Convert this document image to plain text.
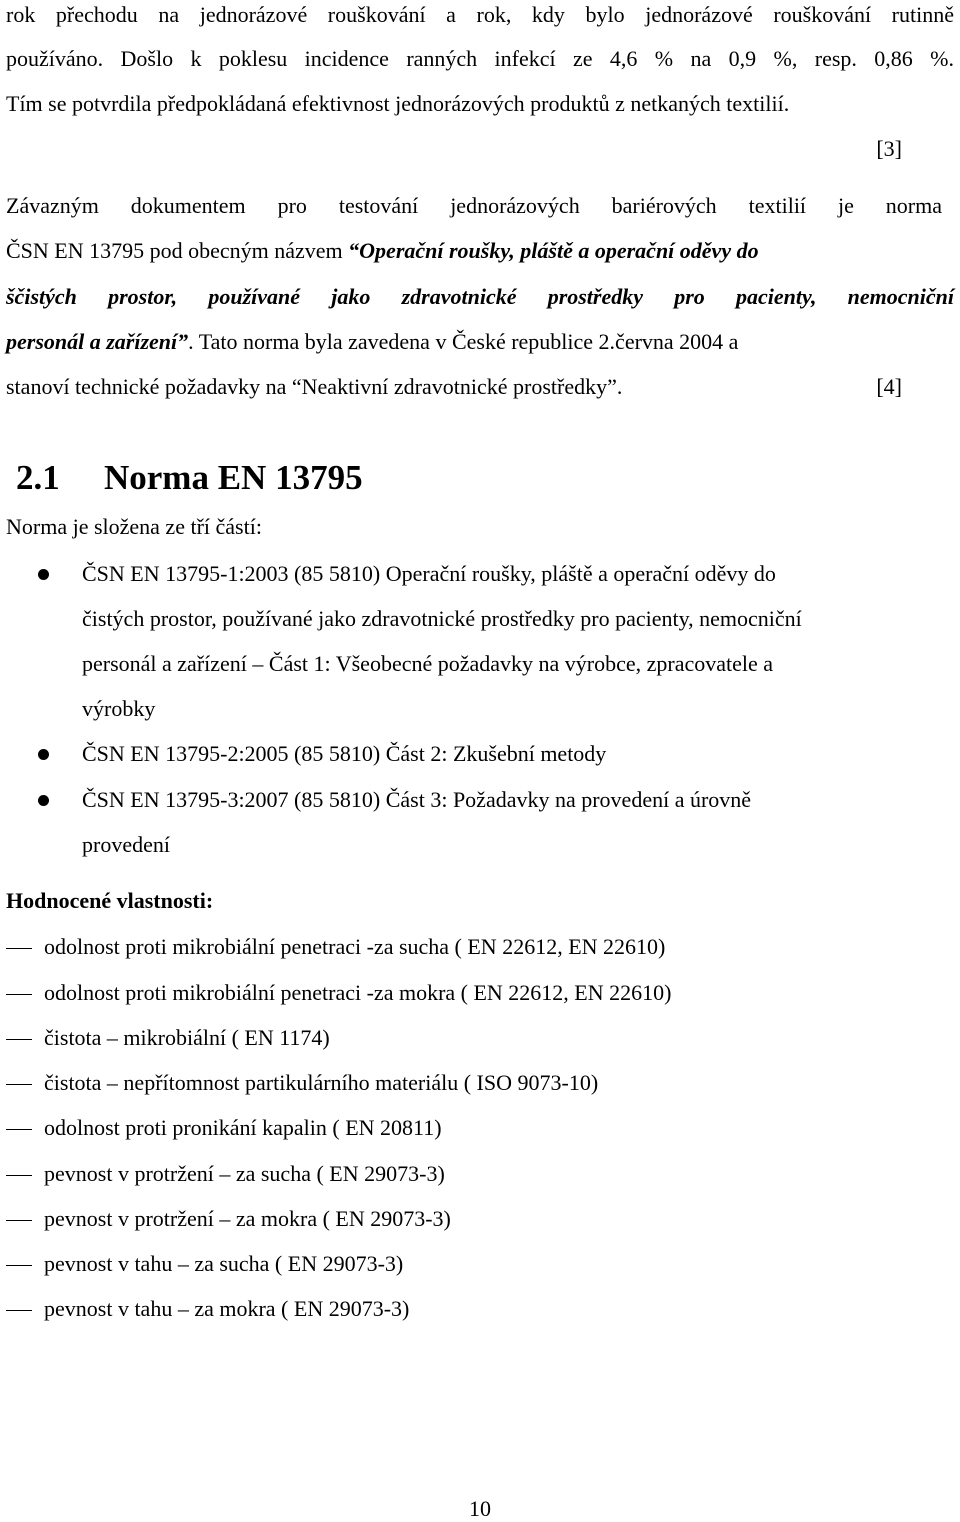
rok přechodu na jednorázové rouškování a rok, kdy bylo jednorázové rouškování rutinně
používáno. Došlo k poklesu incidence ranných infekcí ze 4,6 % na 0,9 %, resp. 0,86 %.
Tím se potvrdila předpokládaná efektivnost jednorázových produktů z netkaných textilií.
[3]
Závazným dokumentem pro testování jednorázových bariérových textilií je norma
ČSN EN 13795 pod obecným názvem “Operační roušky, pláště a operační oděvy do
ščistých prostor, používané jako zdravotnické prostředky pro pacienty, nemocniční
personál a zařízení”. Tato norma byla zavedena v České republice 2.června 2004 a
stanoví technické požadavky na “Neaktivní zdravotnické prostředky”.	[4]
2.1 Norma EN 13795
Norma je složena ze tří částí:
ČSN EN 13795-1:2003 (85 5810) Operační roušky, pláště a operační oděvy do
čistých prostor, používané jako zdravotnické prostředky pro pacienty, nemocniční
personál a zařízení – Část 1: Všeobecné požadavky na výrobce, zpracovatele a
výrobky
ČSN EN 13795-2:2005 (85 5810) Část 2: Zkušební metody
ČSN EN 13795-3:2007 (85 5810) Část 3: Požadavky na provedení a úrovně
provedení
Hodnocené vlastnosti:
odolnost proti mikrobiální penetraci -za sucha ( EN 22612, EN 22610)
odolnost proti mikrobiální penetraci -za mokra ( EN 22612, EN 22610)
čistota – mikrobiální ( EN 1174)
čistota – nepřítomnost partikulárního materiálu ( ISO 9073-10)
odolnost proti pronikání kapalin ( EN 20811)
pevnost v protržení – za sucha ( EN 29073-3)
pevnost v protržení – za mokra ( EN 29073-3)
pevnost v tahu – za sucha ( EN 29073-3)
pevnost v tahu – za mokra ( EN 29073-3)
10
